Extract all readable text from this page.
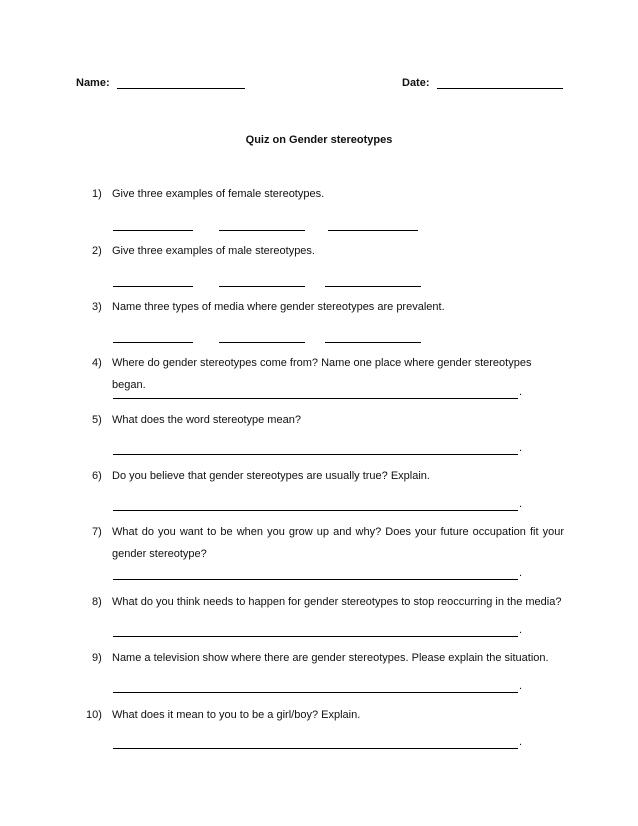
Name:	Date:
Quiz on Gender stereotypes
1) Give three examples of female stereotypes.
2) Give three examples of male stereotypes.
3) Name three types of media where gender stereotypes are prevalent.
4) Where do gender stereotypes come from? Name one place where gender stereotypes began.
.
5) What does the word stereotype mean?
.
6) Do you believe that gender stereotypes are usually true? Explain.
.
7) What do you want to be when you grow up and why? Does your future occupation fit your gender stereotype?
.
8) What do you think needs to happen for gender stereotypes to stop reoccurring in the media?
.
9) Name a television show where there are gender stereotypes. Please explain the situation.
.
10) What does it mean to you to be a girl/boy? Explain.
.
